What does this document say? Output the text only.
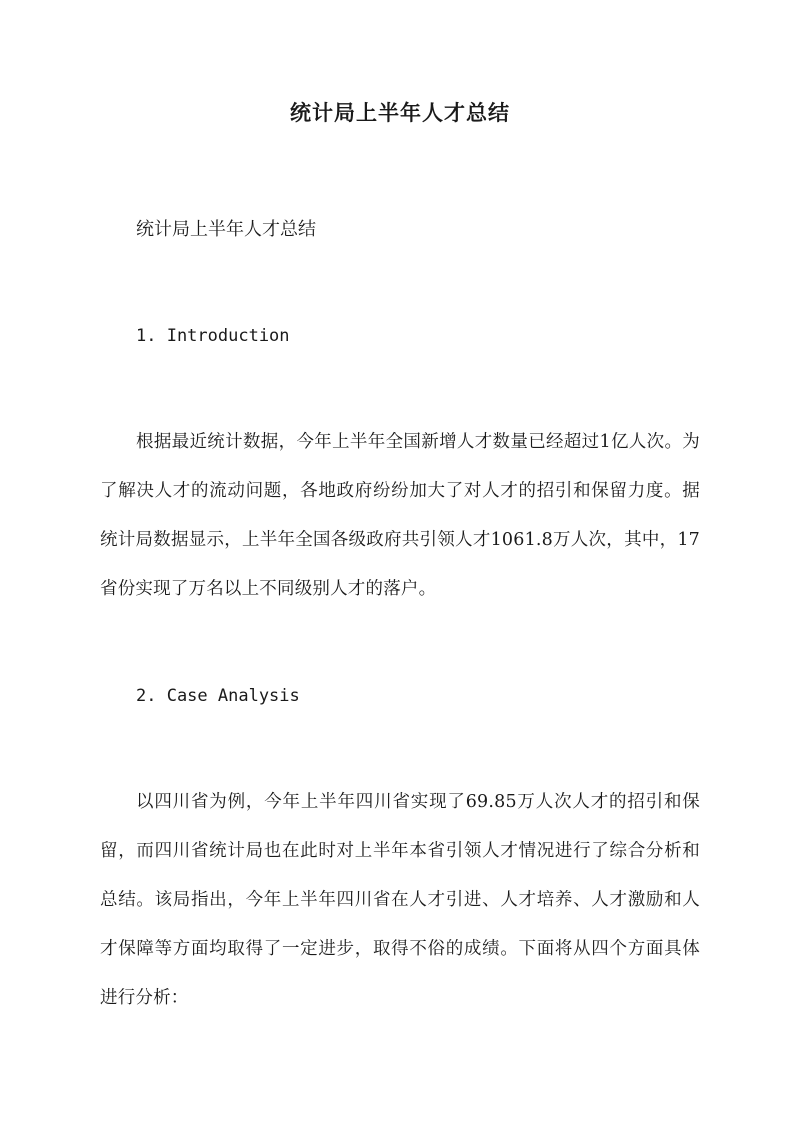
统计局上半年人才总结

统计局上半年人才总结

1. Introduction

根据最近统计数据，今年上半年全国新增人才数量已经超过1亿人次。为了解决人才的流动问题，各地政府纷纷加大了对人才的招引和保留力度。据统计局数据显示，上半年全国各级政府共引领人才1061.8万人次，其中，17省份实现了万名以上不同级别人才的落户。

2. Case Analysis

以四川省为例，今年上半年四川省实现了69.85万人次人才的招引和保留，而四川省统计局也在此时对上半年本省引领人才情况进行了综合分析和总结。该局指出，今年上半年四川省在人才引进、人才培养、人才激励和人才保障等方面均取得了一定进步，取得不俗的成绩。下面将从四个方面具体进行分析：
